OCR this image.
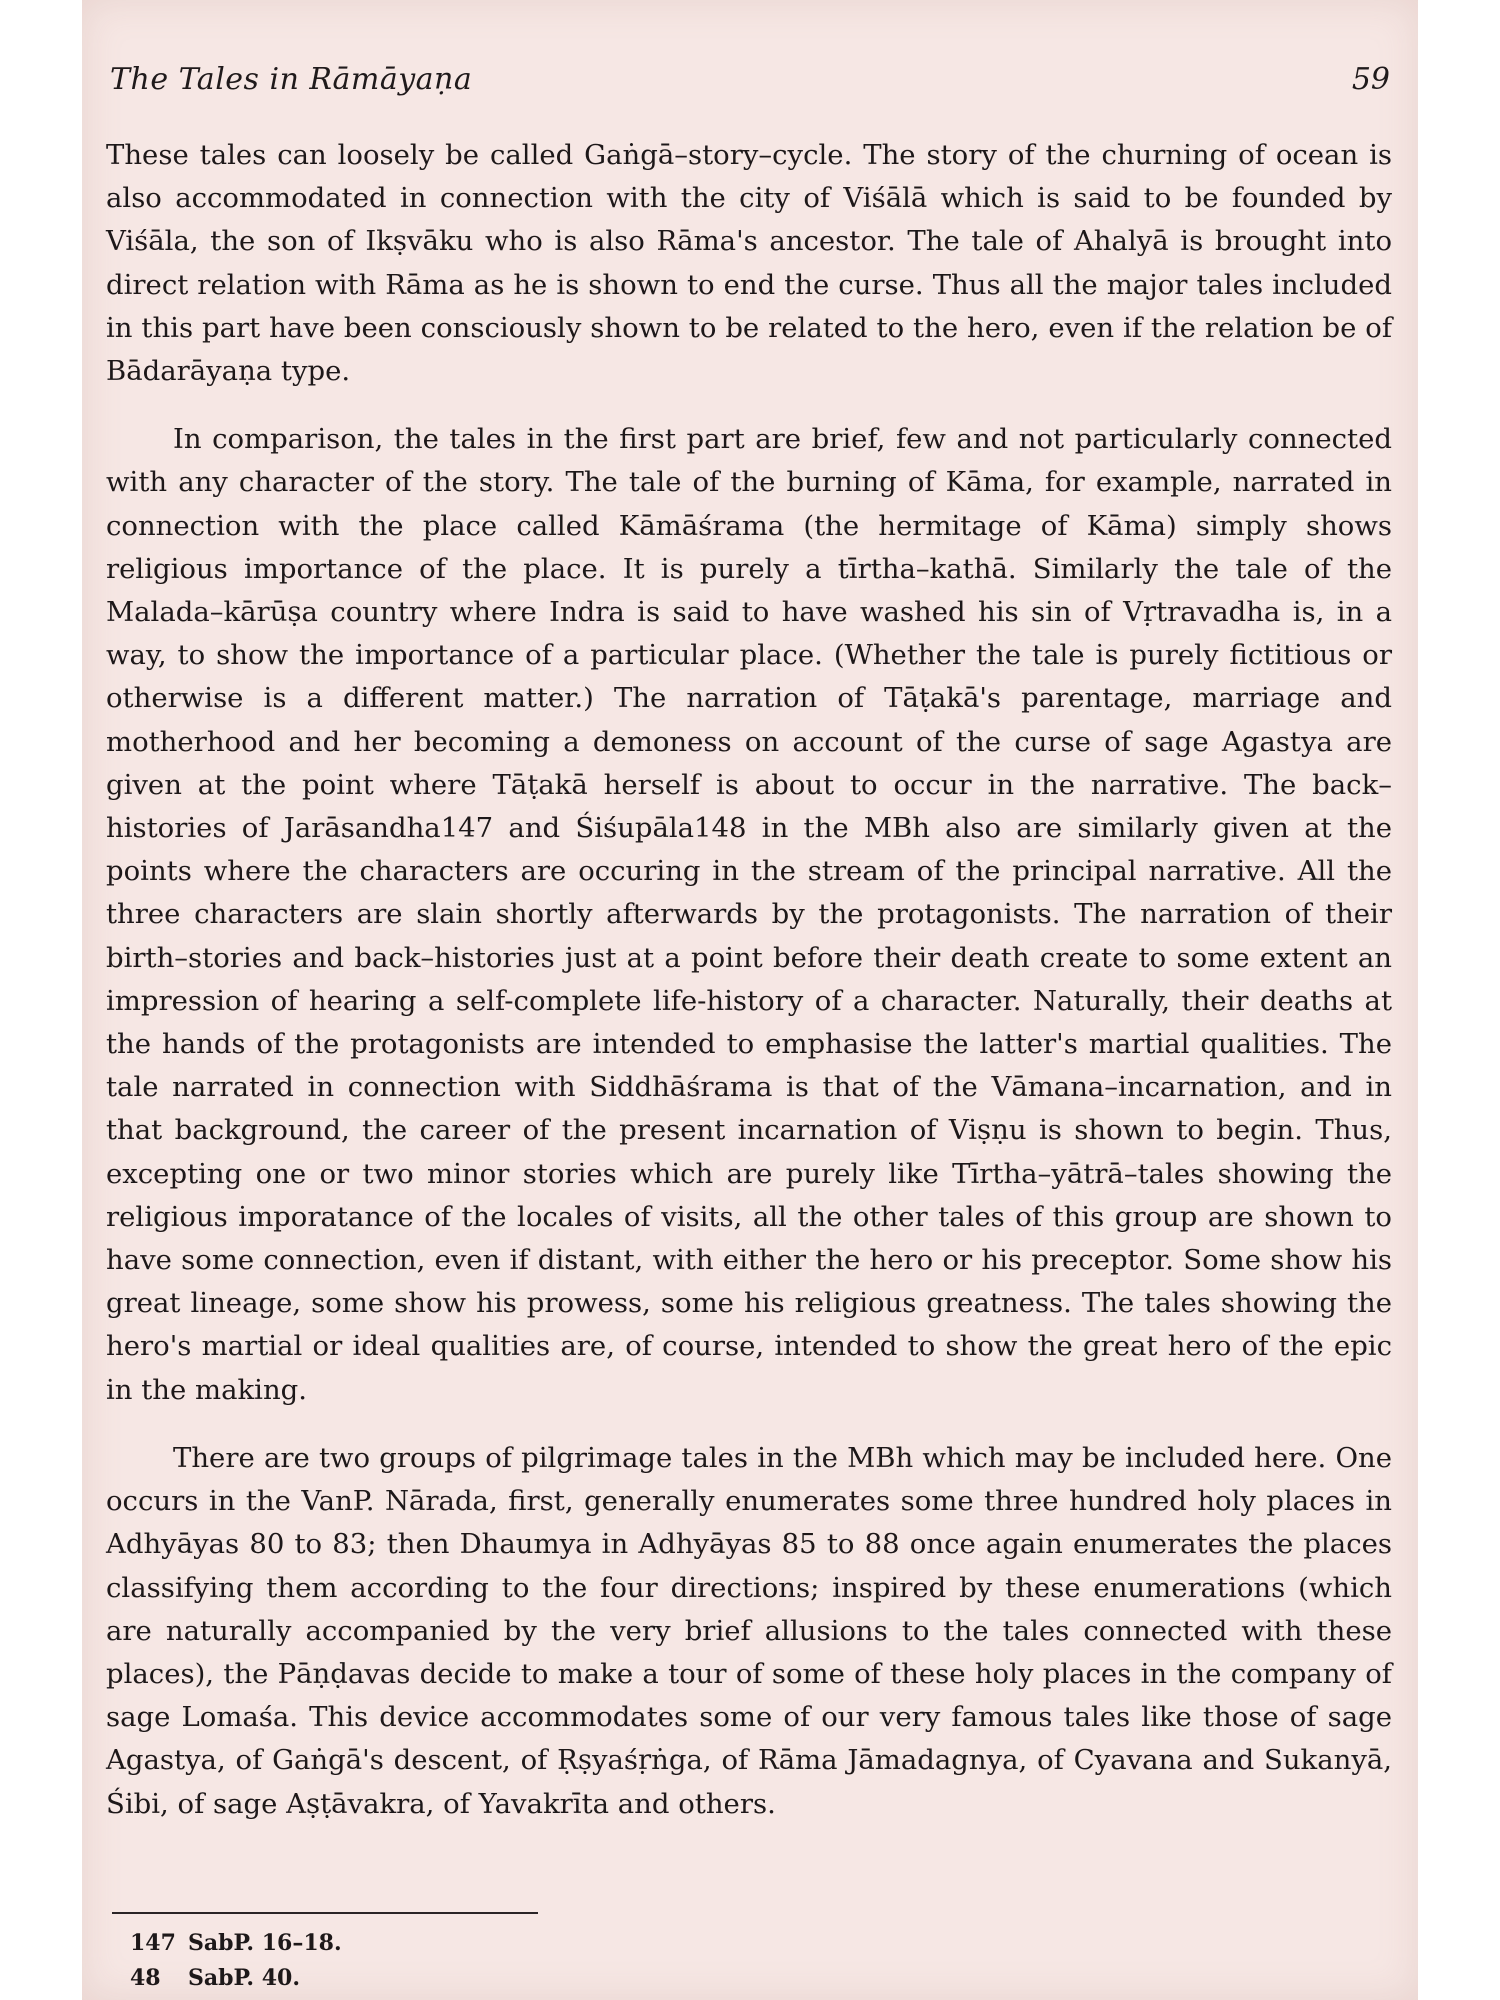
The Tales in Rāmāyaṇa	59

These tales can loosely be called Gaṅgā–story–cycle. The story of the churning of ocean is also accommodated in connection with the city of Viśālā which is said to be founded by Viśāla, the son of Ikṣvāku who is also Rāma's ancestor. The tale of Ahalyā is brought into direct relation with Rāma as he is shown to end the curse. Thus all the major tales included in this part have been consciously shown to be related to the hero, even if the relation be of Bādarāyaṇa type.

In comparison, the tales in the first part are brief, few and not particularly connected with any character of the story. The tale of the burning of Kāma, for example, narrated in connection with the place called Kāmāśrama (the hermitage of Kāma) simply shows religious importance of the place. It is purely a tīrtha–kathā. Similarly the tale of the Malada–kārūṣa country where Indra is said to have washed his sin of Vṛtravadha is, in a way, to show the importance of a particular place. (Whether the tale is purely fictitious or otherwise is a different matter.) The narration of Tāṭakā's parentage, marriage and motherhood and her becoming a demoness on account of the curse of sage Agastya are given at the point where Tāṭakā herself is about to occur in the narrative. The back–histories of Jarāsandha147 and Śiśupāla148 in the MBh also are similarly given at the points where the characters are occuring in the stream of the principal narrative. All the three characters are slain shortly afterwards by the protagonists. The narration of their birth–stories and back–histories just at a point before their death create to some extent an impression of hearing a self-complete life-history of a character. Naturally, their deaths at the hands of the protagonists are intended to emphasise the latter's martial qualities. The tale narrated in connection with Siddhāśrama is that of the Vāmana–incarnation, and in that background, the career of the present incarnation of Viṣṇu is shown to begin. Thus, excepting one or two minor stories which are purely like Tīrtha–yātrā–tales showing the religious imporatance of the locales of visits, all the other tales of this group are shown to have some connection, even if distant, with either the hero or his preceptor. Some show his great lineage, some show his prowess, some his religious greatness. The tales showing the hero's martial or ideal qualities are, of course, intended to show the great hero of the epic in the making.

There are two groups of pilgrimage tales in the MBh which may be included here. One occurs in the VanP. Nārada, first, generally enumerates some three hundred holy places in Adhyāyas 80 to 83; then Dhaumya in Adhyāyas 85 to 88 once again enumerates the places classifying them according to the four directions; inspired by these enumerations (which are naturally accompanied by the very brief allusions to the tales connected with these places), the Pāṇḍavas decide to make a tour of some of these holy places in the company of sage Lomaśa. This device accommodates some of our very famous tales like those of sage Agastya, of Gaṅgā's descent, of Ṛṣyaśṛṅga, of Rāma Jāmadagnya, of Cyavana and Sukanyā, Śibi, of sage Aṣṭāvakra, of Yavakrīta and others.

147 SabP. 16–18.
48 SabP. 40.
